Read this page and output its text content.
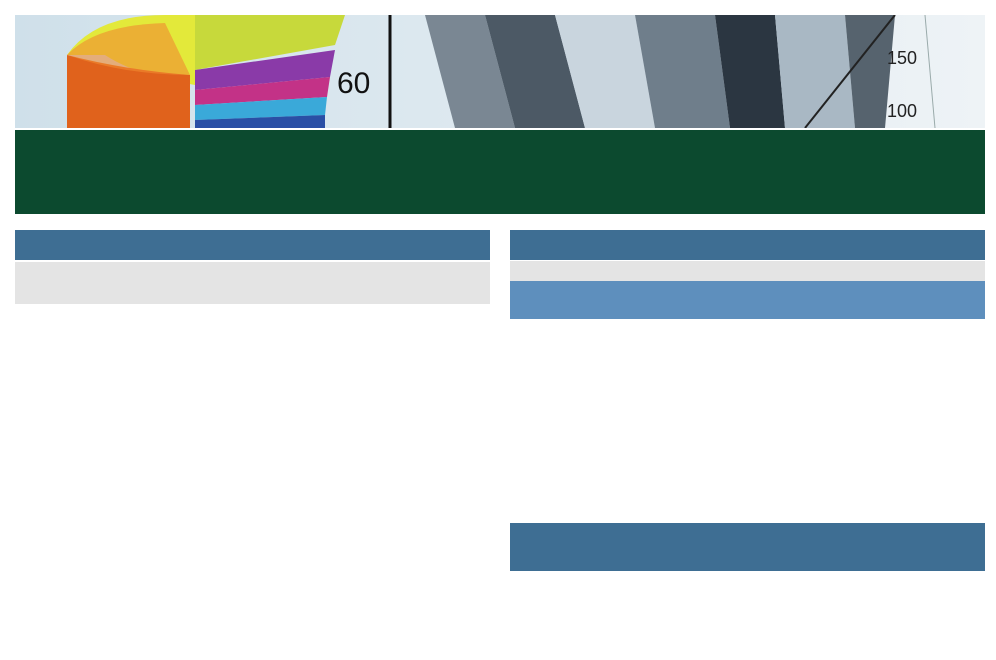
60
150
100
